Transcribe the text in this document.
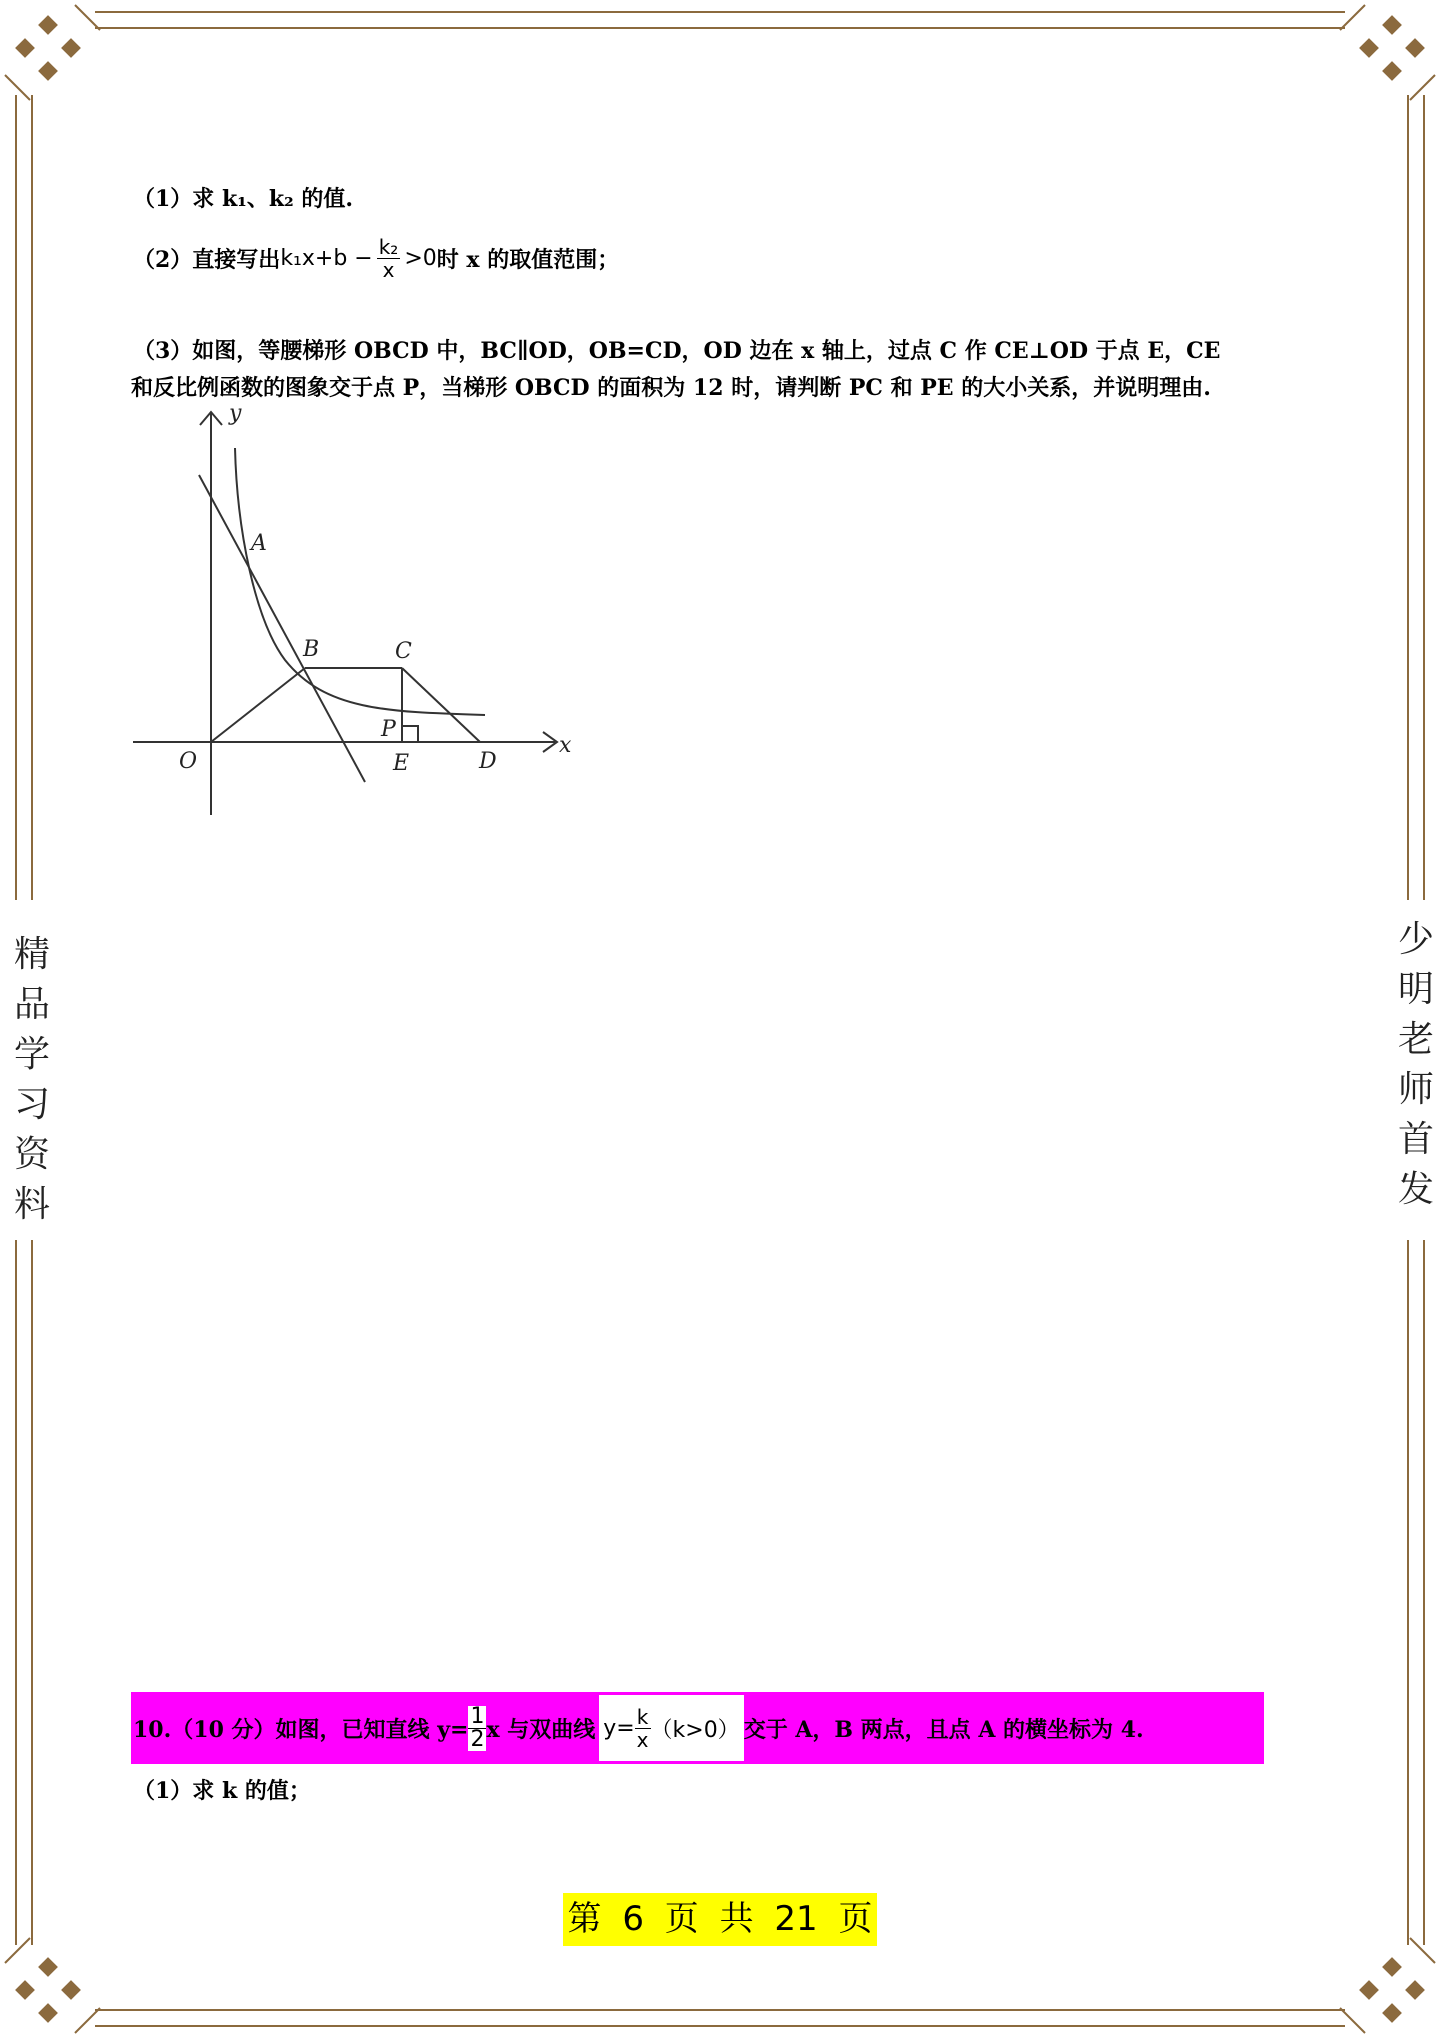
精
品
学
习
资
料
少
明
老
师
首
发
（1）求 k₁、k₂ 的值.
（2）直接写出 $k_1x+b - \frac{\text{k₂}}{x} >0$ 时 x 的取值范围；
（3）如图，等腰梯形 OBCD 中，BC∥OD，OB=CD，OD 边在 x 轴上，过点 C 作 CE⊥OD 于点 E，CE
和反比例函数的图象交于点 P，当梯形 OBCD 的面积为 12 时，请判断 PC 和 PE 的大小关系，并说明理由.
y
x
A
B	C
P
O	E	D
10.（10 分）如图，已知直线 $y= \frac{1}{2}$ x 与双曲线 $y= \frac{k}{x} (k>0)$ 交于 A，B 两点，且点 A 的横坐标为 4.
（1）求 k 的值；
第 6 页 共 21 页
